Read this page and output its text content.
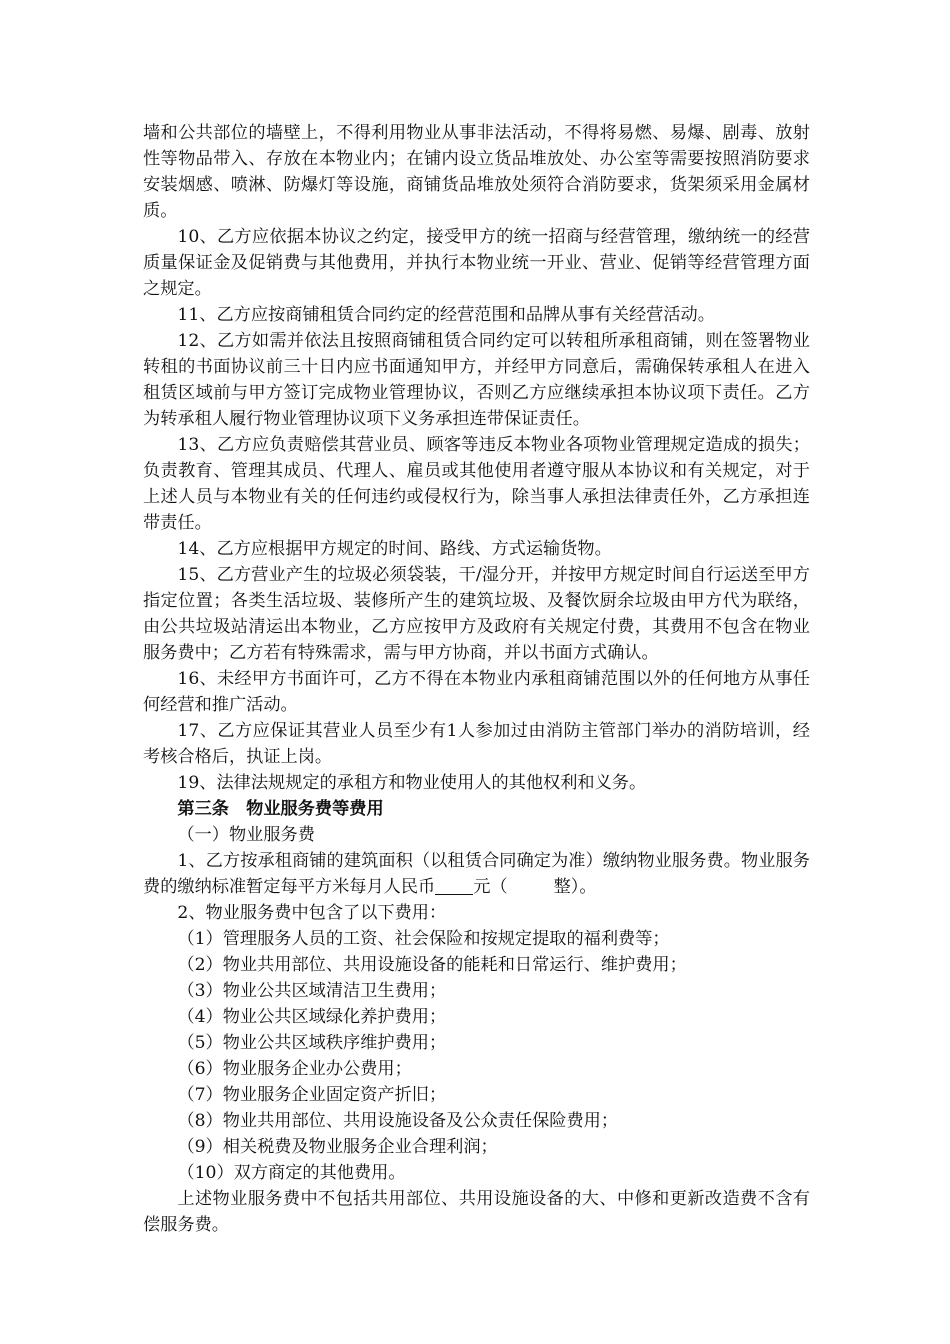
墙和公共部位的墙壁上，不得利用物业从事非法活动，不得将易燃、易爆、剧毒、放射性等物品带入、存放在本物业内；在铺内设立货品堆放处、办公室等需要按照消防要求安装烟感、喷淋、防爆灯等设施，商铺货品堆放处须符合消防要求，货架须采用金属材质。

10、乙方应依据本协议之约定，接受甲方的统一招商与经营管理，缴纳统一的经营质量保证金及促销费与其他费用，并执行本物业统一开业、营业、促销等经营管理方面之规定。

11、乙方应按商铺租赁合同约定的经营范围和品牌从事有关经营活动。

12、乙方如需并依法且按照商铺租赁合同约定可以转租所承租商铺，则在签署物业转租的书面协议前三十日内应书面通知甲方，并经甲方同意后，需确保转承租人在进入租赁区域前与甲方签订完成物业管理协议，否则乙方应继续承担本协议项下责任。乙方为转承租人履行物业管理协议项下义务承担连带保证责任。

13、乙方应负责赔偿其营业员、顾客等违反本物业各项物业管理规定造成的损失；负责教育、管理其成员、代理人、雇员或其他使用者遵守服从本协议和有关规定，对于上述人员与本物业有关的任何违约或侵权行为，除当事人承担法律责任外，乙方承担连带责任。

14、乙方应根据甲方规定的时间、路线、方式运输货物。

15、乙方营业产生的垃圾必须袋装，干/湿分开，并按甲方规定时间自行运送至甲方指定位置；各类生活垃圾、装修所产生的建筑垃圾、及餐饮厨余垃圾由甲方代为联络，由公共垃圾站清运出本物业，乙方应按甲方及政府有关规定付费，其费用不包含在物业服务费中；乙方若有特殊需求，需与甲方协商，并以书面方式确认。

16、未经甲方书面许可，乙方不得在本物业内承租商铺范围以外的任何地方从事任何经营和推广活动。

17、乙方应保证其营业人员至少有1人参加过由消防主管部门举办的消防培训，经考核合格后，执证上岗。

19、法律法规规定的承租方和物业使用人的其他权利和义务。

第三条　物业服务费等费用

（一）物业服务费

1、乙方按承租商铺的建筑面积（以租赁合同确定为准）缴纳物业服务费。物业服务费的缴纳标准暂定每平方米每月人民币 元（	整）。

2、物业服务费中包含了以下费用：

（1）管理服务人员的工资、社会保险和按规定提取的福利费等；

（2）物业共用部位、共用设施设备的能耗和日常运行、维护费用；

（3）物业公共区域清洁卫生费用；

（4）物业公共区域绿化养护费用；

（5）物业公共区域秩序维护费用；

（6）物业服务企业办公费用；

（7）物业服务企业固定资产折旧；

（8）物业共用部位、共用设施设备及公众责任保险费用；

（9）相关税费及物业服务企业合理利润；

（10）双方商定的其他费用。

上述物业服务费中不包括共用部位、共用设施设备的大、中修和更新改造费不含有偿服务费。
